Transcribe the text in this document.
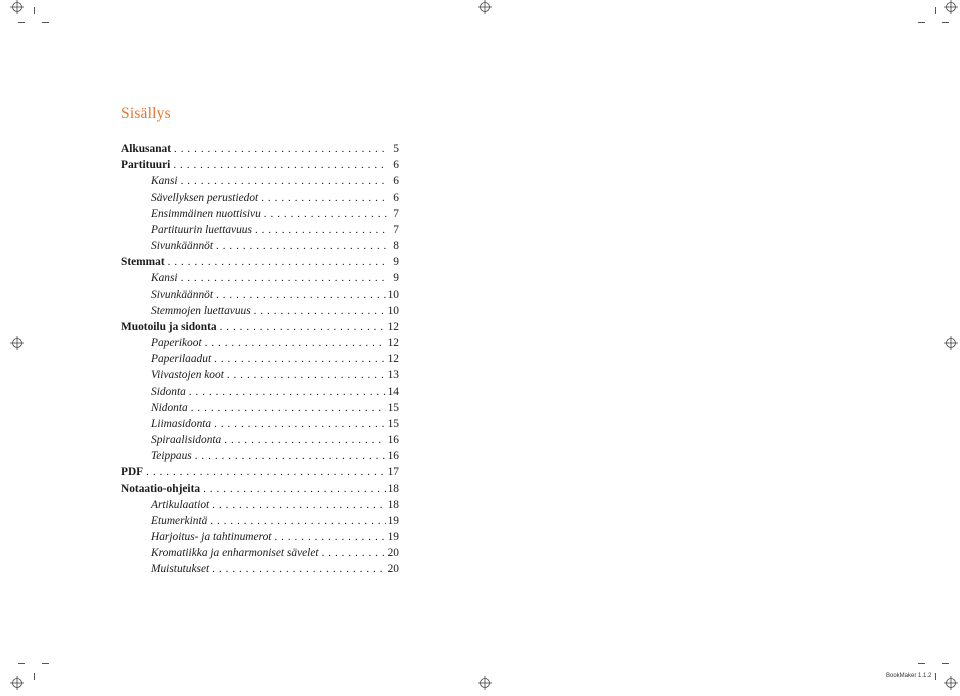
Sisällys
Alkusanat . . .	5
Partituuri . . .	6
Kansi . . .	6
Sävellyksen perustiedot . . .	6
Ensimmäinen nuottisivu . . .	7
Partituurin luettavuus . . .	7
Sivunkäännöt . . .	8
Stemmat . . .	9
Kansi . . .	9
Sivunkäännöt . . .	10
Stemmojen luettavuus . . .	10
Muotoilu ja sidonta . . .	12
Paperikoot . . .	12
Paperilaadut . . .	12
Viivastojen koot . . .	13
Sidonta . . .	14
Nidonta . . .	15
Liimasidonta . . .	15
Spiraalisidonta . . .	16
Teippaus . . .	16
PDF . . .	17
Notaatio-ohjeita . . .	18
Artikulaatiot . . .	18
Etumerkintä . . .	19
Harjoitus- ja tahtinumerot . . .	19
Kromatiikka ja enharmoniset sävelet . . .	20
Muistutukset . . .	20
BookMaker 1.1.2
